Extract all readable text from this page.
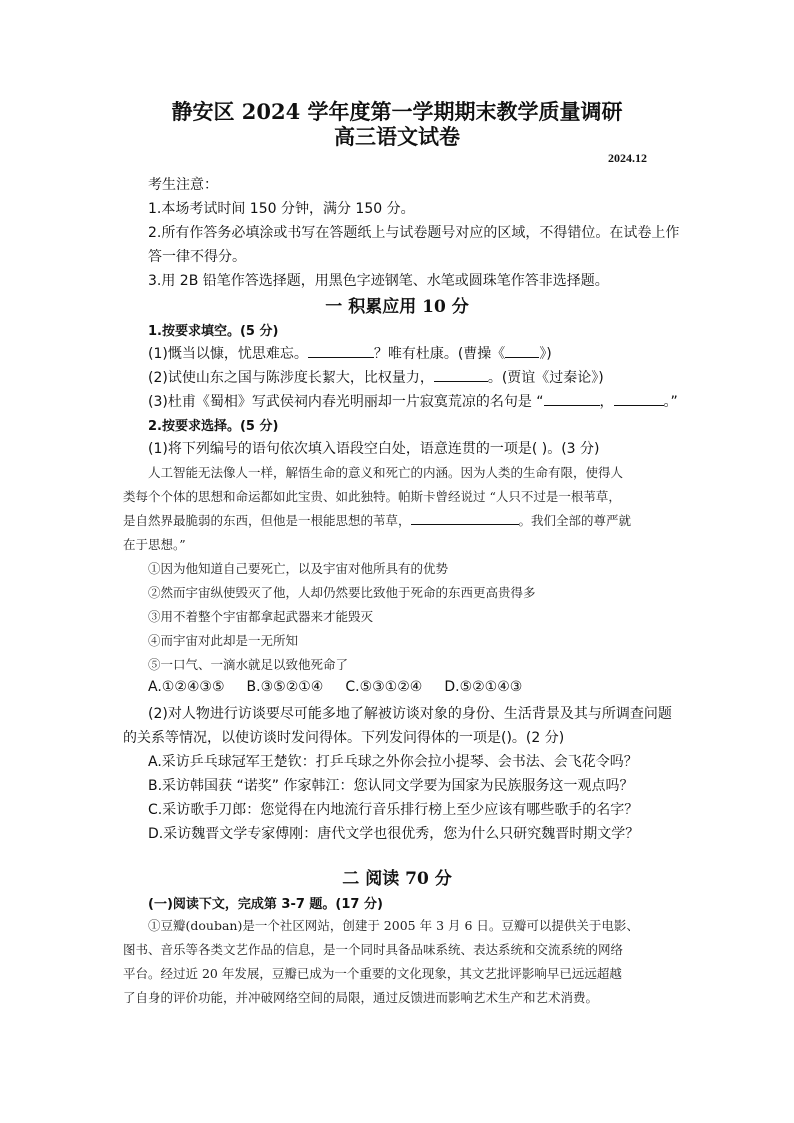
静安区 2024 学年度第一学期期末教学质量调研
高三语文试卷
2024.12
考生注意：
1.本场考试时间 150 分钟，满分 150 分。
2.所有作答务必填涂或书写在答题纸上与试卷题号对应的区域，不得错位。在试卷上作
答一律不得分。
3.用 2B 铅笔作答选择题，用黑色字迹钢笔、水笔或圆珠笔作答非选择题。
一 积累应用 10 分
1.按要求填空。(5 分)
(1)慨当以慷，忧思难忘。	？唯有杜康。(曹操《 》)
(2)试使山东之国与陈涉度长絜大，比权量力，	。(贾谊《过秦论》)
(3)杜甫《蜀相》写武侯祠内春光明丽却一片寂寞荒凉的名句是 “	，	。”
2.按要求选择。(5 分)
(1)将下列编号的语句依次填入语段空白处，语意连贯的一项是( )。(3 分)
人工智能无法像人一样，解悟生命的意义和死亡的内涵。因为人类的生命有限，使得人
类每个个体的思想和命运都如此宝贵、如此独特。帕斯卡曾经说过 “人只不过是一根苇草，
是自然界最脆弱的东西，但他是一根能思想的苇草，	。我们全部的尊严就
在于思想。”
①因为他知道自己要死亡，以及宇宙对他所具有的优势
②然而宇宙纵使毁灭了他，人却仍然要比致他于死命的东西更高贵得多
③用不着整个宇宙都拿起武器来才能毁灭
④而宇宙对此却是一无所知
⑤一口气、一滴水就足以致他死命了
A.①②④③⑤ B.③⑤②①④ C.⑤③①②④ D.⑤②①④③
(2)对人物进行访谈要尽可能多地了解被访谈对象的身份、生活背景及其与所调查问题
的关系等情况，以使访谈时发问得体。下列发问得体的一项是()。(2 分)
A.采访乒乓球冠军王楚钦：打乒乓球之外你会拉小提琴、会书法、会飞花令吗？
B.采访韩国获 “诺奖” 作家韩江：您认同文学要为国家为民族服务这一观点吗？
C.采访歌手刀郎：您觉得在内地流行音乐排行榜上至少应该有哪些歌手的名字？
D.采访魏晋文学专家傅刚：唐代文学也很优秀，您为什么只研究魏晋时期文学？
二 阅读 70 分
(一)阅读下文，完成第 3-7 题。(17 分)
①豆瓣(douban)是一个社区网站，创建于 2005 年 3 月 6 日。豆瓣可以提供关于电影、
图书、音乐等各类文艺作品的信息，是一个同时具备品味系统、表达系统和交流系统的网络
平台。经过近 20 年发展，豆瓣已成为一个重要的文化现象，其文艺批评影响早已远远超越
了自身的评价功能，并冲破网络空间的局限，通过反馈进而影响艺术生产和艺术消费。
